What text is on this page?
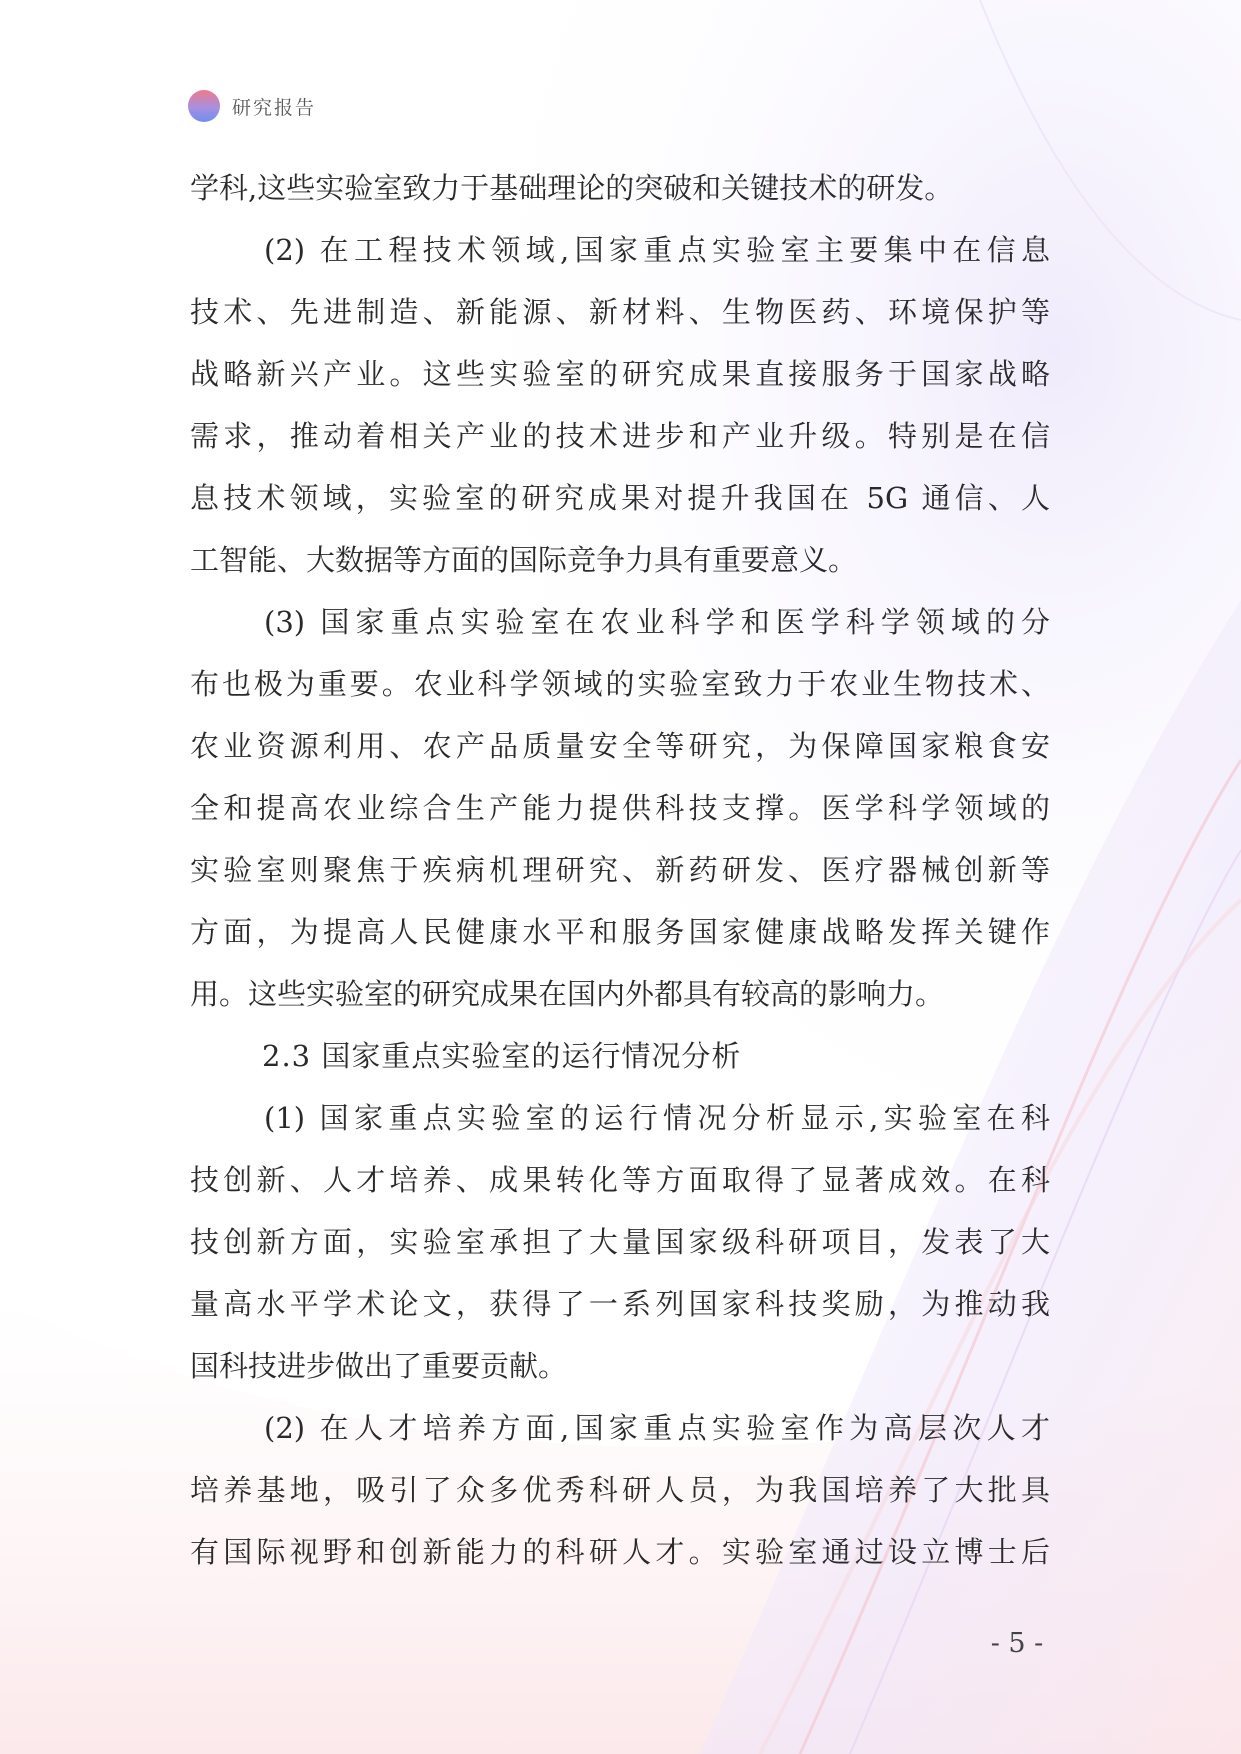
研究报告
学科,这些实验室致力于基础理论的突破和关键技术的研发。
(2) 在工程技术领域,国家重点实验室主要集中在信息
技术、先进制造、新能源、新材料、生物医药、环境保护等
战略新兴产业。这些实验室的研究成果直接服务于国家战略
需求，推动着相关产业的技术进步和产业升级。特别是在信
息技术领域，实验室的研究成果对提升我国在 5G 通信、人
工智能、大数据等方面的国际竞争力具有重要意义。
(3) 国家重点实验室在农业科学和医学科学领域的分
布也极为重要。农业科学领域的实验室致力于农业生物技术、
农业资源利用、农产品质量安全等研究，为保障国家粮食安
全和提高农业综合生产能力提供科技支撑。医学科学领域的
实验室则聚焦于疾病机理研究、新药研发、医疗器械创新等
方面，为提高人民健康水平和服务国家健康战略发挥关键作
用。这些实验室的研究成果在国内外都具有较高的影响力。
2.3 国家重点实验室的运行情况分析
(1) 国家重点实验室的运行情况分析显示,实验室在科
技创新、人才培养、成果转化等方面取得了显著成效。在科
技创新方面，实验室承担了大量国家级科研项目，发表了大
量高水平学术论文，获得了一系列国家科技奖励，为推动我
国科技进步做出了重要贡献。
(2) 在人才培养方面,国家重点实验室作为高层次人才
培养基地，吸引了众多优秀科研人员，为我国培养了大批具
有国际视野和创新能力的科研人才。实验室通过设立博士后
- 5 -
